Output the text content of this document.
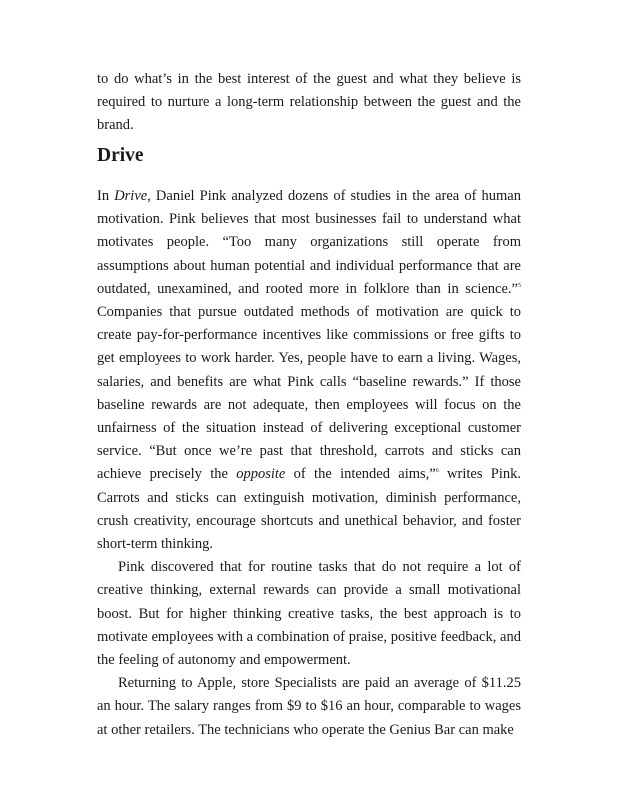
to do what’s in the best interest of the guest and what they believe is required to nurture a long-term relationship between the guest and the brand.

Drive

In Drive, Daniel Pink analyzed dozens of studies in the area of human motivation. Pink believes that most businesses fail to understand what motivates people. “Too many organizations still operate from assumptions about human potential and individual performance that are outdated, unexamined, and rooted more in folklore than in science.”$^5$ Companies that pursue outdated methods of motivation are quick to create pay-for-performance incentives like commissions or free gifts to get employees to work harder. Yes, people have to earn a living. Wages, salaries, and benefits are what Pink calls “baseline rewards.” If those baseline rewards are not adequate, then employees will focus on the unfairness of the situation instead of delivering exceptional customer service. “But once we’re past that threshold, carrots and sticks can achieve precisely the opposite of the intended aims,”$^6$ writes Pink. Carrots and sticks can extinguish motivation, diminish performance, crush creativity, encourage shortcuts and unethical behavior, and foster short-term thinking.

Pink discovered that for routine tasks that do not require a lot of creative thinking, external rewards can provide a small motivational boost. But for higher thinking creative tasks, the best approach is to motivate employees with a combination of praise, positive feedback, and the feeling of autonomy and empowerment.

Returning to Apple, store Specialists are paid an average of $11.25 an hour. The salary ranges from $9 to $16 an hour, comparable to wages at other retailers. The technicians who operate the Genius Bar can make
